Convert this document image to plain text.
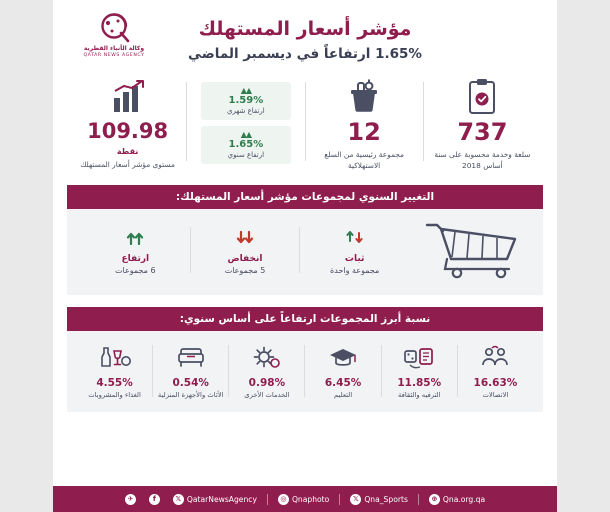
وكالة الأنباء القطرية
QATAR NEWS AGENCY
مؤشر أسعار المستهلك
1.65% ارتفاعاً في ديسمبر الماضي
737
سلعة وخدمة محسوبة على سنة أساس 2018
12
مجموعة رئيسية من السلع الاستهلاكية
▲▲
1.59%
ارتفاع شهري
▲▲
1.65%
ارتفاع سنوي
109.98
نقطة
مستوى مؤشر أسعار المستهلك
التغيير السنوي لمجموعات مؤشر أسعار المستهلك:
ثبات
مجموعة واحدة
انخفاض
5 مجموعات
ارتفاع
6 مجموعات
نسبة أبرز المجموعات ارتفاعاً على أساس سنوي:
16.63%
الاتصالات
11.85%
الترفيه والثقافة
6.45%
التعليم
0.98%
الخدمات الأخرى
0.54%
الأثاث والأجهزة المنزلية
4.55%
الغذاء والمشروبات
✈	f	𝕏 QatarNewsAgency	◎ Qnaphoto	𝕏 Qna_Sports	⊕ Qna.org.qa
